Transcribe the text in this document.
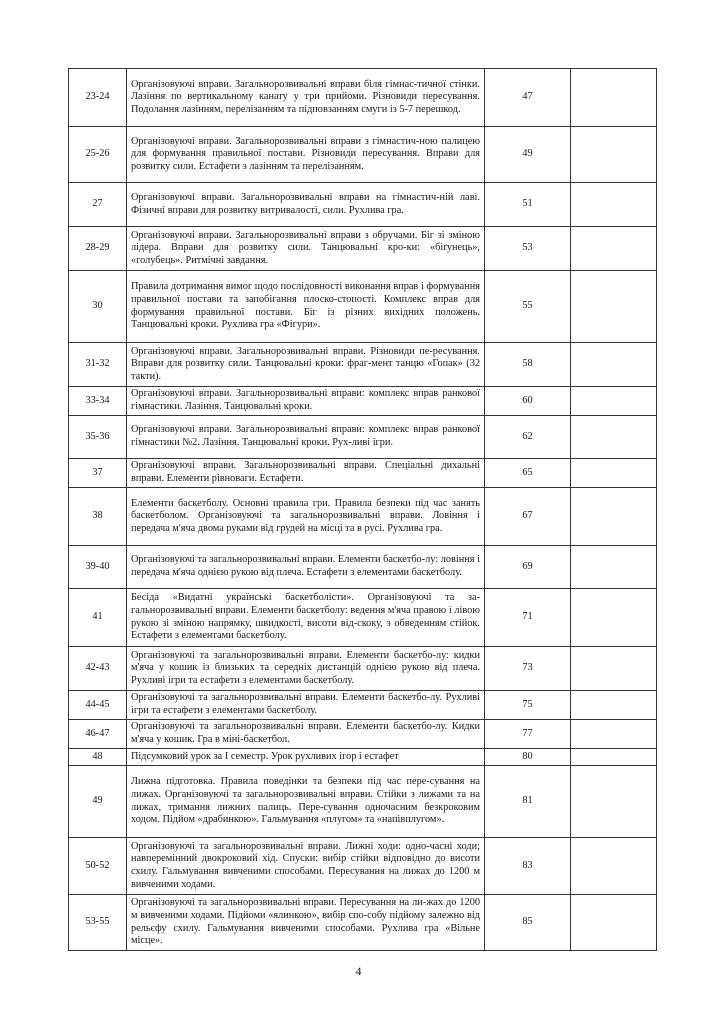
23-24	Організовуючі вправи. Загальнорозвивальні вправи біля гімнас-тичної стінки. Лазіння по вертикальному канату у три прийоми. Різновиди пересування. Подолання лазінням, перелізанням та підповзанням смуги із 5-7 перешкод.	47	
25-26	Організовуючі вправи. Загальнорозвивальні вправи з гімнастич-ною палицею для формування правильної постави. Різновиди пересування. Вправи для розвитку сили. Естафети з лазінням та перелізанням.	49	
27	Організовуючі вправи. Загальнорозвивальні вправи на гімнастич-ній лаві. Фізичні вправи для розвитку витривалості, сили. Рухлива гра.	51	
28-29	Організовуючі вправи. Загальнорозвивальні вправи з обручами. Біг зі зміною лідера. Вправи для розвитку сили. Танцювальні кро-ки: «біґунець», «голубець». Ритмічні завдання.	53	
30	Правила дотримання вимог щодо послідовності виконання вправ і формування правильної постави та запобігання плоско-стопості. Комплекс вправ для формування правильної постави. Біг із різних вихідних положень. Танцювальні кроки. Рухлива гра «Фігури».	55	
31-32	Організовуючі вправи. Загальнорозвивальні вправи. Різновиди пе-ресування. Вправи для розвитку сили. Танцювальні кроки: фраг-мент танцю «Гопак» (32 такти).	58	
33-34	Організовуючі вправи. Загальнорозвивальні вправи: комплекс вправ ранкової гімнастики. Лазіння. Танцювальні кроки.	60	
35-36	Організовуючі вправи. Загальнорозвивальні вправи: комплекс вправ ранкової гімнастики №2. Лазіння. Танцювальні кроки. Рух-ливі ігри.	62	
37	Організовуючі вправи. Загальнорозвивальні вправи. Спеціальні дихальні вправи. Елементи рівноваги. Естафети.	65	
38	Елементи баскетболу. Основні правила гри. Правила безпеки під час занять баскетболом. Організовуючі та загальнорозвивальні вправи. Ловіння і передача м'яча двома руками від грудей на місці та в русі. Рухлива гра.	67	
39-40	Організовуючі та загальнорозвивальні вправи. Елементи баскетбо-лу: ловіння і передача м'яча однією рукою від плеча. Естафети з елементами баскетболу.	69	
41	Бесіда «Видатні українські баскетболісти». Організовуючі та за-гальнорозвивальні вправи. Елементи баскетболу: ведення м'яча правою і лівою рукою зі зміною напрямку, швидкості, висоти від-скоку, з обведенням стійок. Естафети з елементами баскетболу.	71	
42-43	Організовуючі та загальнорозвивальні вправи. Елементи баскетбо-лу: кидки м'яча у кошик із близьких та середніх дистанцій однією рукою від плеча. Рухливі ігри та естафети з елементами баскетболу.	73	
44-45	Організовуючі та загальнорозвивальні вправи. Елементи баскетбо-лу. Рухливі ігри та естафети з елементами баскетболу.	75	
46-47	Організовуючі та загальнорозвивальні вправи. Елементи баскетбо-лу. Кидки м'яча у кошик. Гра в міні-баскетбол.	77	
48	Підсумковий урок за І семестр. Урок рухливих ігор і естафет	80	
49	Лижна підготовка. Правила поведінки та безпеки під час пере-сування на лижах. Організовуючі та загальнорозвивальні вправи. Стійки з лижами та на лижах, тримання лижних палиць. Пере-сування одночасним безкроковим ходом. Підйом «драбинкою». Гальмування «плугом» та «напівплугом».	81	
50-52	Організовуючі та загальнорозвивальні вправи. Лижні ходи: одно-часні ходи; навперемінний двокроковий хід. Спуски: вибір стійки відповідно до висоти схилу. Гальмування вивченими способами. Пересування на лижах до 1200 м вивченими ходами.	83	
53-55	Організовуючі та загальнорозвивальні вправи. Пересування на ли-жах до 1200 м вивченими ходами. Підйоми «ялинкою», вибір спо-собу підйому залежно від рельєфу схилу. Гальмування вивченими способами. Рухлива гра «Вільне місце».	85	
4
